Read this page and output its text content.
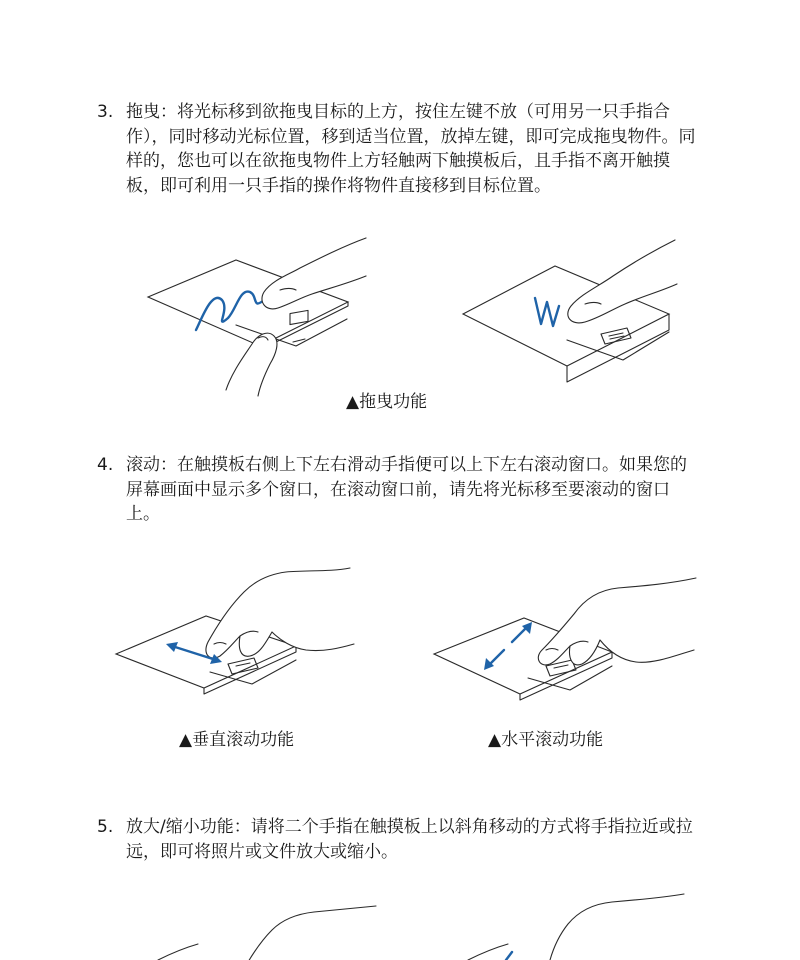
3. 拖曳：将光标移到欲拖曳目标的上方，按住左键不放（可用另一只手指合作），同时移动光标位置，移到适当位置，放掉左键，即可完成拖曳物件。同样的，您也可以在欲拖曳物件上方轻触两下触摸板后，且手指不离开触摸板，即可利用一只手指的操作将物件直接移到目标位置。
▲拖曳功能
4. 滚动：在触摸板右侧上下左右滑动手指便可以上下左右滚动窗口。如果您的屏幕画面中显示多个窗口，在滚动窗口前，请先将光标移至要滚动的窗口上。
▲垂直滚动功能	▲水平滚动功能
5. 放大/缩小功能：请将二个手指在触摸板上以斜角移动的方式将手指拉近或拉远，即可将照片或文件放大或缩小。
